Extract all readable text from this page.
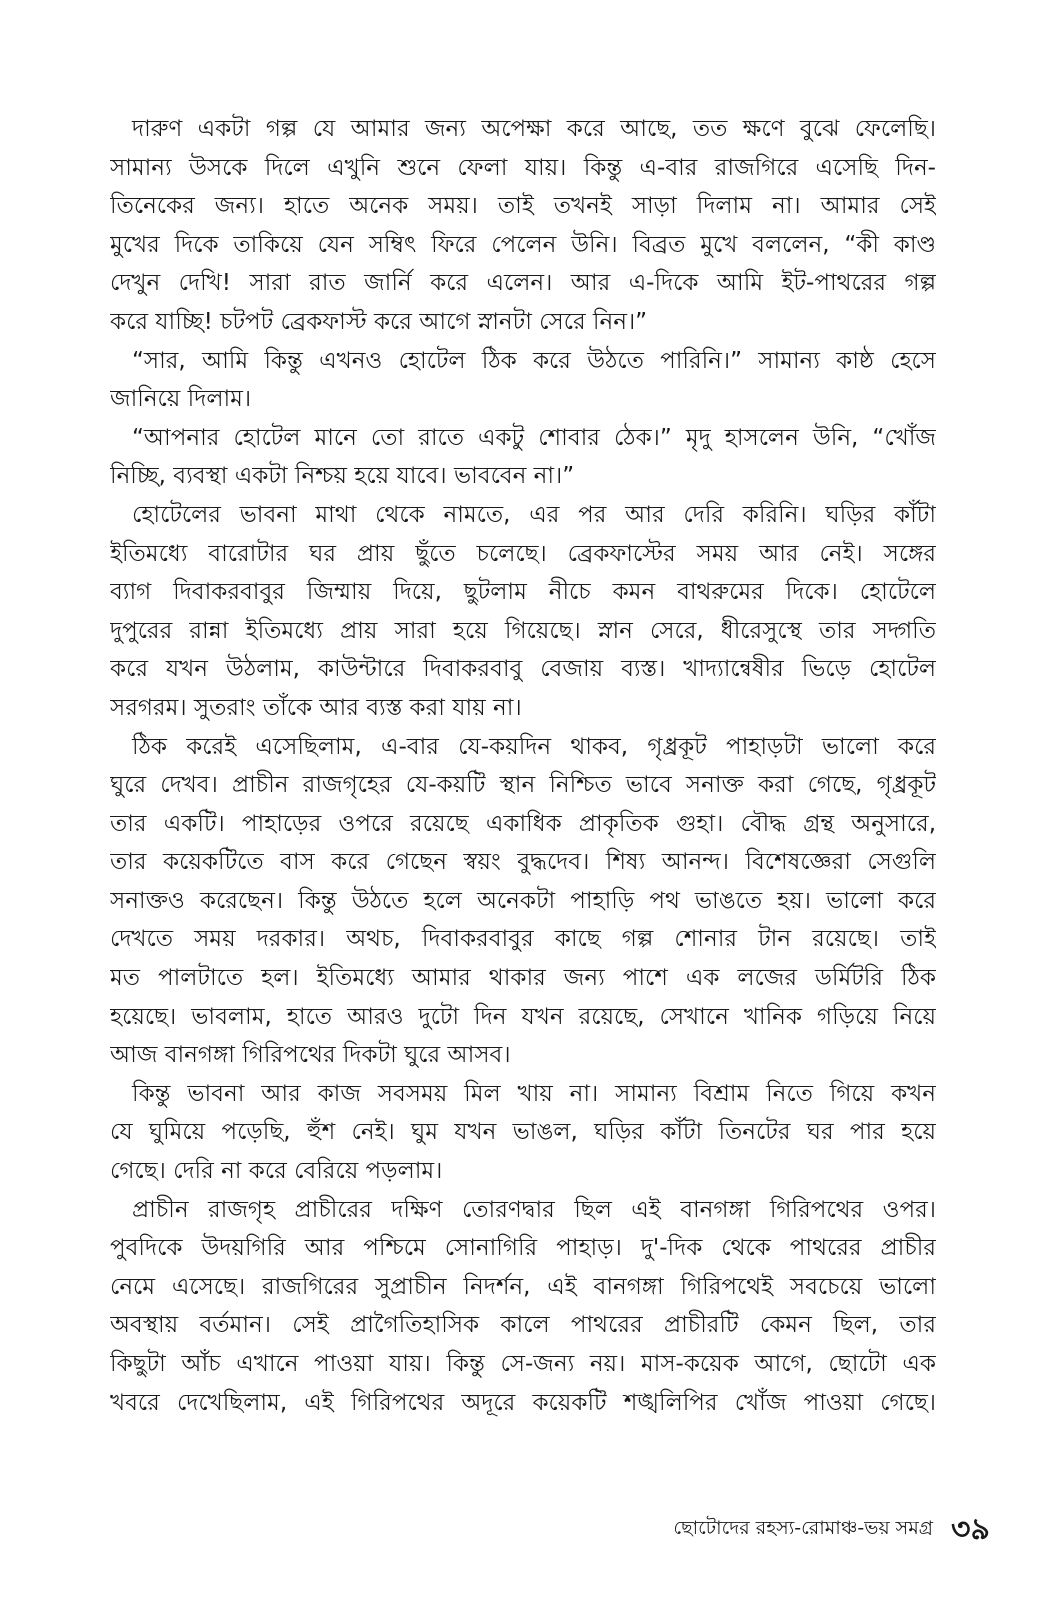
দারুণ একটা গল্প যে আমার জন্য অপেক্ষা করে আছে, তত ক্ষণে বুঝে ফেলেছি।
সামান্য উসকে দিলে এখুনি শুনে ফেলা যায়। কিন্তু এ-বার রাজগিরে এসেছি দিন-
তিনেকের জন্য। হাতে অনেক সময়। তাই তখনই সাড়া দিলাম না। আমার সেই
মুখের দিকে তাকিয়ে যেন সম্বিৎ ফিরে পেলেন উনি। বিব্রত মুখে বললেন, “কী কাণ্ড
দেখুন দেখি! সারা রাত জার্নি করে এলেন। আর এ-দিকে আমি ইট-পাথরের গল্প
করে যাচ্ছি! চটপট ব্রেকফাস্ট করে আগে স্নানটা সেরে নিন।”
“সার, আমি কিন্তু এখনও হোটেল ঠিক করে উঠতে পারিনি।” সামান্য কাষ্ঠ হেসে
জানিয়ে দিলাম।
“আপনার হোটেল মানে তো রাতে একটু শোবার ঠেক।” মৃদু হাসলেন উনি, “খোঁজ
নিচ্ছি, ব্যবস্থা একটা নিশ্চয় হয়ে যাবে। ভাববেন না।”
হোটেলের ভাবনা মাথা থেকে নামতে, এর পর আর দেরি করিনি। ঘড়ির কাঁটা
ইতিমধ্যে বারোটার ঘর প্রায় ছুঁতে চলেছে। ব্রেকফাস্টের সময় আর নেই। সঙ্গের
ব্যাগ দিবাকরবাবুর জিম্মায় দিয়ে, ছুটলাম নীচে কমন বাথরুমের দিকে। হোটেলে
দুপুরের রান্না ইতিমধ্যে প্রায় সারা হয়ে গিয়েছে। স্নান সেরে, ধীরেসুস্থে তার সদ্গতি
করে যখন উঠলাম, কাউন্টারে দিবাকরবাবু বেজায় ব্যস্ত। খাদ্যান্বেষীর ভিড়ে হোটেল
সরগরম। সুতরাং তাঁকে আর ব্যস্ত করা যায় না।
ঠিক করেই এসেছিলাম, এ-বার যে-কয়দিন থাকব, গৃধ্রকূট পাহাড়টা ভালো করে
ঘুরে দেখব। প্রাচীন রাজগৃহের যে-কয়টি স্থান নিশ্চিত ভাবে সনাক্ত করা গেছে, গৃধ্রকূট
তার একটি। পাহাড়ের ওপরে রয়েছে একাধিক প্রাকৃতিক গুহা। বৌদ্ধ গ্রন্থ অনুসারে,
তার কয়েকটিতে বাস করে গেছেন স্বয়ং বুদ্ধদেব। শিষ্য আনন্দ। বিশেষজ্ঞেরা সেগুলি
সনাক্তও করেছেন। কিন্তু উঠতে হলে অনেকটা পাহাড়ি পথ ভাঙতে হয়। ভালো করে
দেখতে সময় দরকার। অথচ, দিবাকরবাবুর কাছে গল্প শোনার টান রয়েছে। তাই
মত পালটাতে হল। ইতিমধ্যে আমার থাকার জন্য পাশে এক লজের ডর্মিটরি ঠিক
হয়েছে। ভাবলাম, হাতে আরও দুটো দিন যখন রয়েছে, সেখানে খানিক গড়িয়ে নিয়ে
আজ বানগঙ্গা গিরিপথের দিকটা ঘুরে আসব।
কিন্তু ভাবনা আর কাজ সবসময় মিল খায় না। সামান্য বিশ্রাম নিতে গিয়ে কখন
যে ঘুমিয়ে পড়েছি, হুঁশ নেই। ঘুম যখন ভাঙল, ঘড়ির কাঁটা তিনটের ঘর পার হয়ে
গেছে। দেরি না করে বেরিয়ে পড়লাম।
প্রাচীন রাজগৃহ প্রাচীরের দক্ষিণ তোরণদ্বার ছিল এই বানগঙ্গা গিরিপথের ওপর।
পুবদিকে উদয়গিরি আর পশ্চিমে সোনাগিরি পাহাড়। দু'-দিক থেকে পাথরের প্রাচীর
নেমে এসেছে। রাজগিরের সুপ্রাচীন নিদর্শন, এই বানগঙ্গা গিরিপথেই সবচেয়ে ভালো
অবস্থায় বর্তমান। সেই প্রাগৈতিহাসিক কালে পাথরের প্রাচীরটি কেমন ছিল, তার
কিছুটা আঁচ এখানে পাওয়া যায়। কিন্তু সে-জন্য নয়। মাস-কয়েক আগে, ছোটো এক
খবরে দেখেছিলাম, এই গিরিপথের অদূরে কয়েকটি শঙ্খলিপির খোঁজ পাওয়া গেছে।
ছোটোদের রহস্য-রোমাঞ্চ-ভয় সমগ্র ৩৯
